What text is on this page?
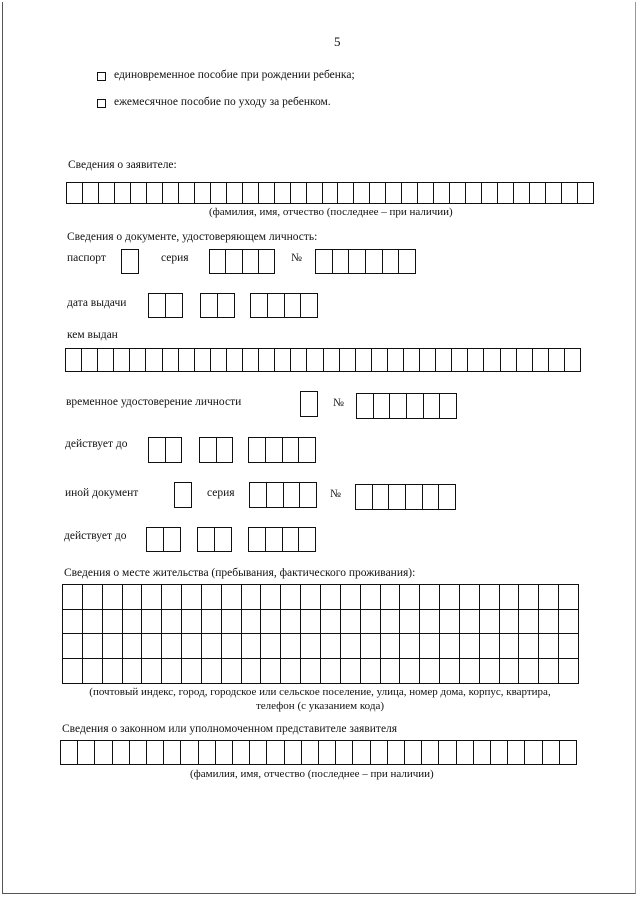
5
единовременное пособие при рождении ребенка;
ежемесячное пособие по уходу за ребенком.
Сведения о заявителе:
(фамилия, имя, отчество (последнее – при наличии)
Сведения о документе, удостоверяющем личность:
паспорт	серия	№
дата выдачи
кем выдан
временное удостоверение личности	№
действует до
иной документ	серия	№
действует до
Сведения о месте жительства (пребывания, фактического проживания):
(почтовый индекс, город, городское или сельское поселение, улица, номер дома, корпус, квартира,
телефон (с указанием кода)
Сведения о законном или уполномоченном представителе заявителя
(фамилия, имя, отчество (последнее – при наличии)
